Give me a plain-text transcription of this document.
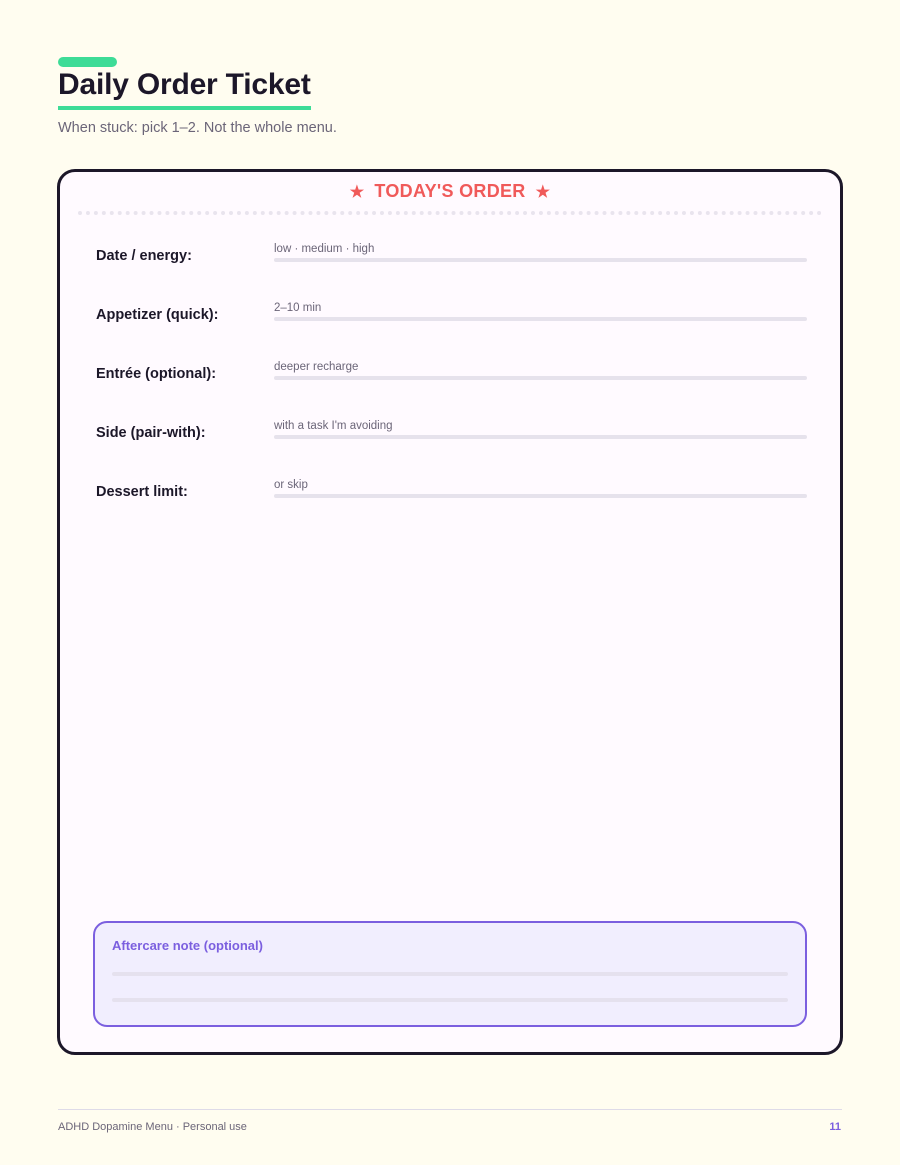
Daily Order Ticket
When stuck: pick 1–2. Not the whole menu.
★ TODAY'S ORDER ★
Date / energy:	low · medium · high
Appetizer (quick):	2–10 min
Entrée (optional):	deeper recharge
Side (pair-with):	with a task I'm avoiding
Dessert limit:	or skip
Aftercare note (optional)
ADHD Dopamine Menu · Personal use	11
